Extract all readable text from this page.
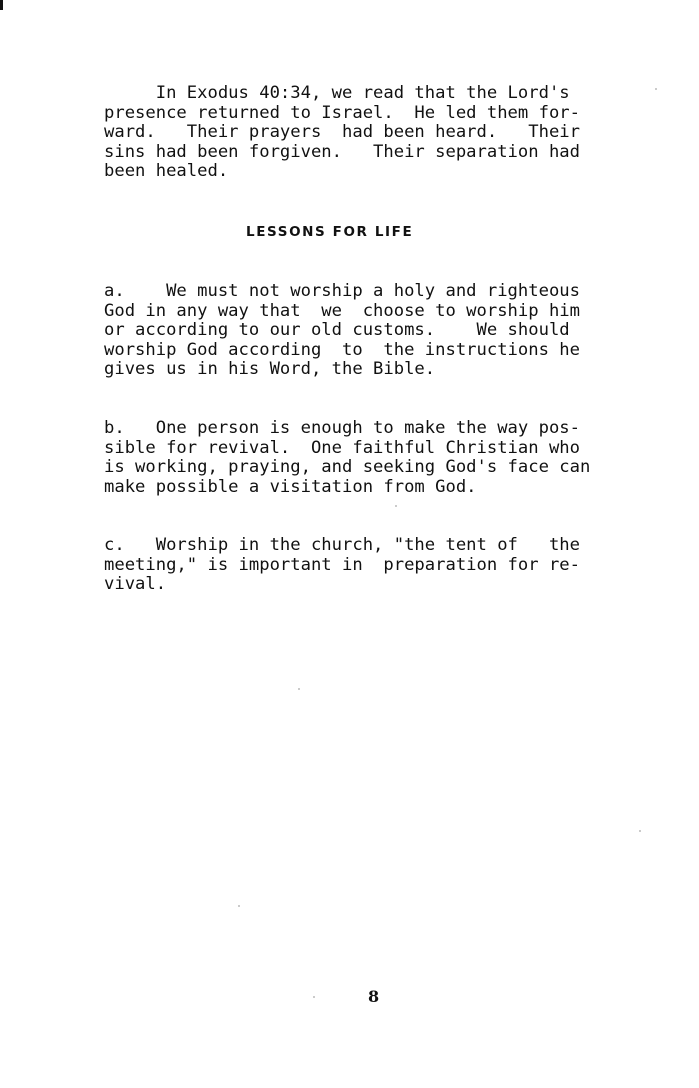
In Exodus 40:34, we read that the Lord's
presence returned to Israel.  He led them for-
ward.   Their prayers  had been heard.   Their
sins had been forgiven.   Their separation had
been healed.
LESSONS FOR LIFE
a.    We must not worship a holy and righteous
God in any way that  we  choose to worship him
or according to our old customs.    We should
worship God according  to  the instructions he
gives us in his Word, the Bible.
b.   One person is enough to make the way pos-
sible for revival.  One faithful Christian who
is working, praying, and seeking God's face can
make possible a visitation from God.
c.   Worship in the church, "the tent of   the
meeting," is important in  preparation for re-
vival.
8
